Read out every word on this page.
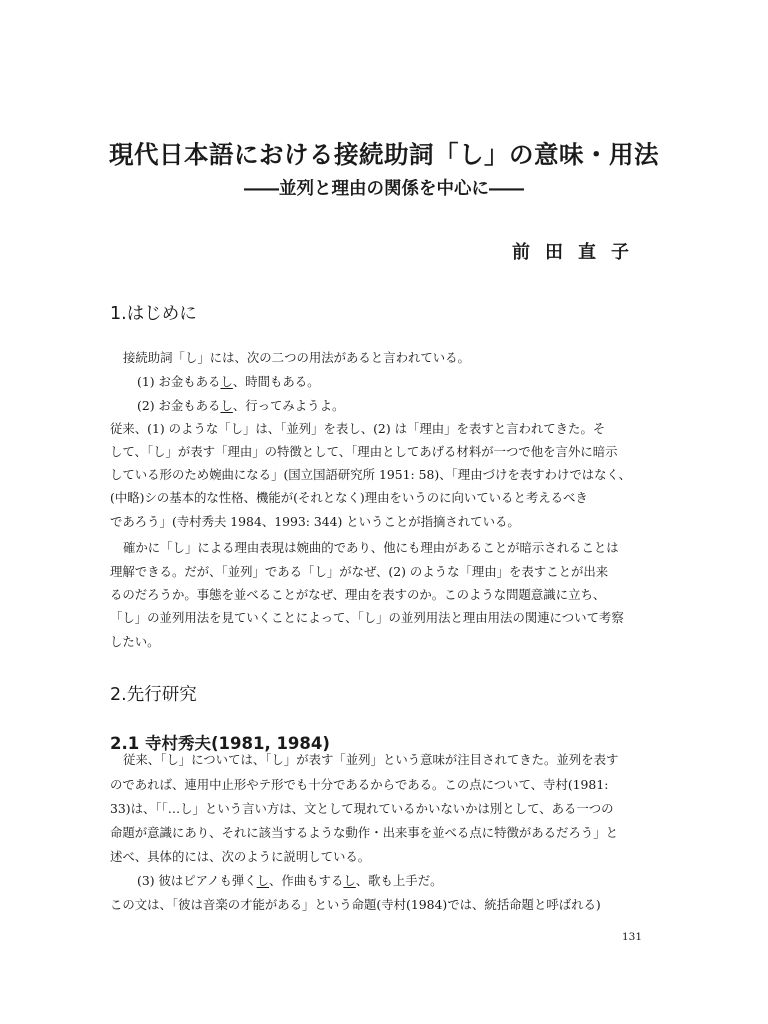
現代日本語における接続助詞「し」の意味・用法
――並列と理由の関係を中心に――
前田直子
1.はじめに
接続助詞「し」には、次の二つの用法があると言われている。
(1) お金もあるし、時間もある。
(2) お金もあるし、行ってみようよ。
従来、(1) のような「し」は、「並列」を表し、(2) は「理由」を表すと言われてきた。そ
して、「し」が表す「理由」の特徴として、「理由としてあげる材料が一つで他を言外に暗示
している形のため婉曲になる」(国立国語研究所 1951: 58)、「理由づけを表すわけではなく、
(中略)シの基本的な性格、機能が(それとなく)理由をいうのに向いていると考えるべき
であろう」(寺村秀夫 1984、1993: 344) ということが指摘されている。
確かに「し」による理由表現は婉曲的であり、他にも理由があることが暗示されることは
理解できる。だが、「並列」である「し」がなぜ、(2) のような「理由」を表すことが出来
るのだろうか。事態を並べることがなぜ、理由を表すのか。このような問題意識に立ち、
「し」の並列用法を見ていくことによって、「し」の並列用法と理由用法の関連について考察
したい。
2.先行研究
2.1 寺村秀夫(1981, 1984)
従来、「し」については、「し」が表す「並列」という意味が注目されてきた。並列を表す
のであれば、連用中止形やテ形でも十分であるからである。この点について、寺村(1981:
33)は、「「…し」という言い方は、文として現れているかいないかは別として、ある一つの
命題が意識にあり、それに該当するような動作・出来事を並べる点に特徴があるだろう」と
述べ、具体的には、次のように説明している。
(3) 彼はピアノも弾くし、作曲もするし、歌も上手だ。
この文は、「彼は音楽の才能がある」という命題(寺村(1984)では、統括命題と呼ばれる)
131
